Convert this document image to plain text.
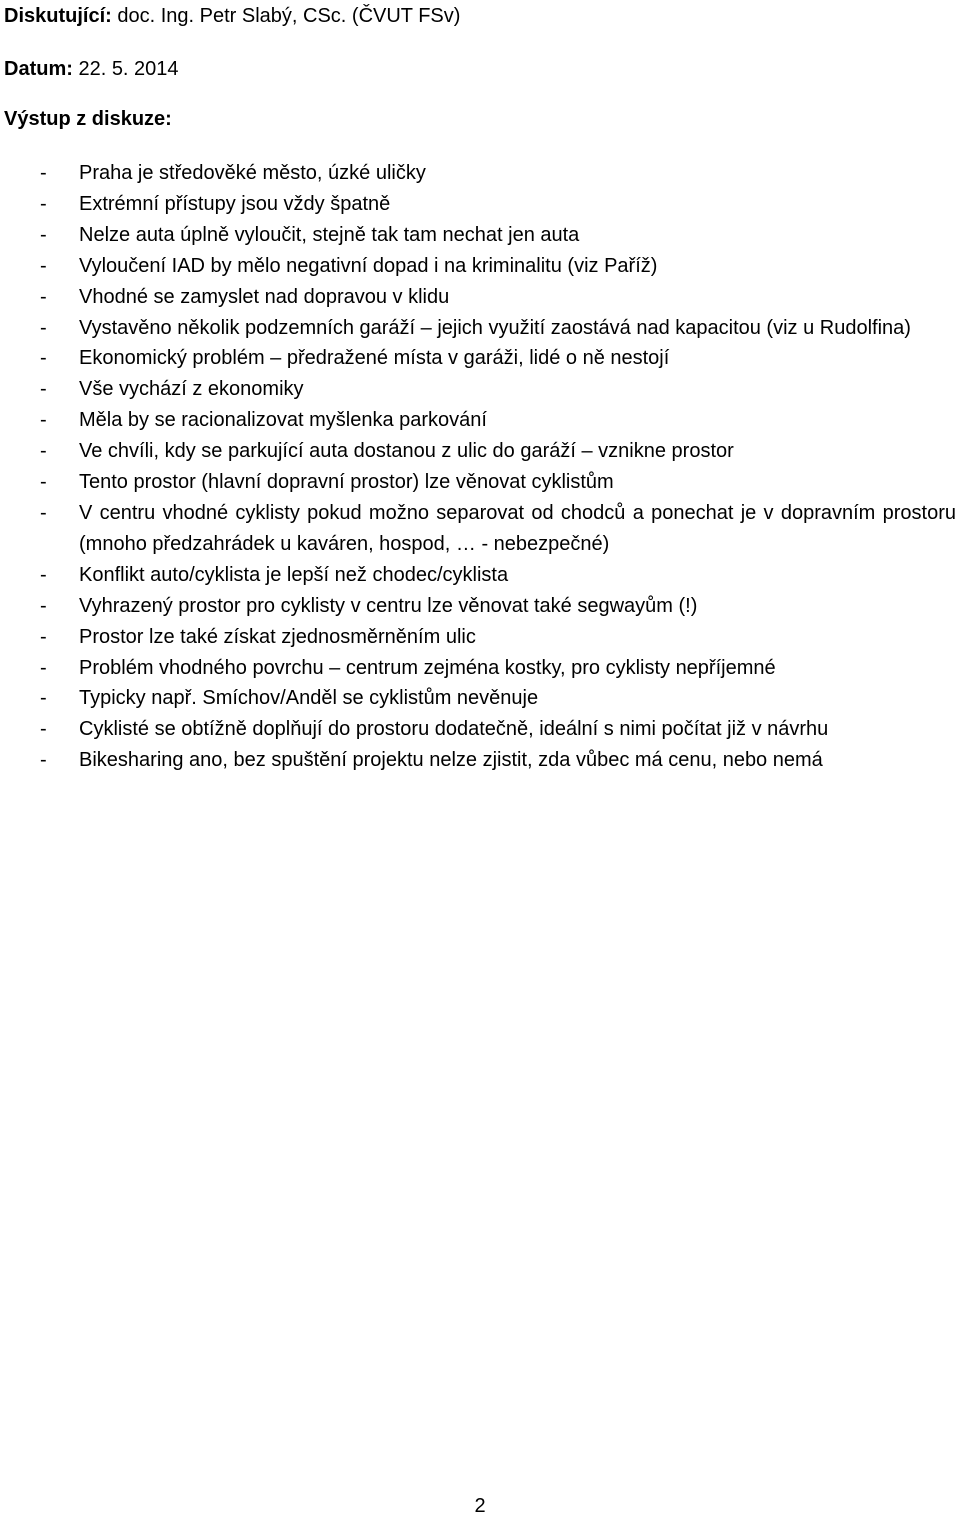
Diskutující: doc. Ing. Petr Slabý, CSc. (ČVUT FSv)
Datum: 22. 5. 2014
Výstup z diskuze:
- Praha je středověké město, úzké uličky
- Extrémní přístupy jsou vždy špatně
- Nelze auta úplně vyloučit, stejně tak tam nechat jen auta
- Vyloučení IAD by mělo negativní dopad i na kriminalitu (viz Paříž)
- Vhodné se zamyslet nad dopravou v klidu
- Vystavěno několik podzemních garáží – jejich využití zaostává nad kapacitou (viz u Rudolfina)
- Ekonomický problém – předražené místa v garáži, lidé o ně nestojí
- Vše vychází z ekonomiky
- Měla by se racionalizovat myšlenka parkování
- Ve chvíli, kdy se parkující auta dostanou z ulic do garáží – vznikne prostor
- Tento prostor (hlavní dopravní prostor) lze věnovat cyklistům
- V centru vhodné cyklisty pokud možno separovat od chodců a ponechat je v dopravním prostoru (mnoho předzahrádek u kaváren, hospod, … - nebezpečné)
- Konflikt auto/cyklista je lepší než chodec/cyklista
- Vyhrazený prostor pro cyklisty v centru lze věnovat také segwayům (!)
- Prostor lze také získat zjednosměrněním ulic
- Problém vhodného povrchu – centrum zejména kostky, pro cyklisty nepříjemné
- Typicky např. Smíchov/Anděl se cyklistům nevěnuje
- Cyklisté se obtížně doplňují do prostoru dodatečně, ideální s nimi počítat již v návrhu
- Bikesharing ano, bez spuštění projektu nelze zjistit, zda vůbec má cenu, nebo nemá
2
